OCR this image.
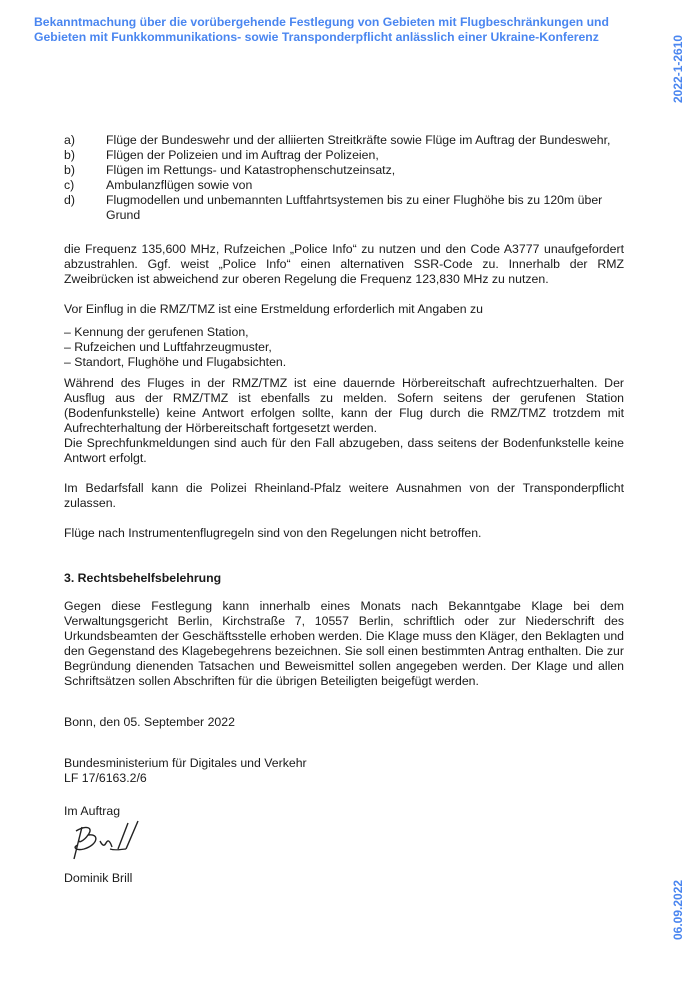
Bekanntmachung über die vorübergehende Festlegung von Gebieten mit Flugbeschränkungen und Gebieten mit Funkkommunikations- sowie Transponderpflicht anlässlich einer Ukraine-Konferenz	2022-1-2610
06.09.2022
a)	Flüge der Bundeswehr und der alliierten Streitkräfte sowie Flüge im Auftrag der Bundeswehr,
b)	Flügen der Polizeien und im Auftrag der Polizeien,
b)	Flügen im Rettungs- und Katastrophenschutzeinsatz,
c)	Ambulanzflügen sowie von
d)	Flugmodellen und unbemannten Luftfahrtsystemen bis zu einer Flughöhe bis zu 120m über Grund

die Frequenz 135,600 MHz, Rufzeichen „Police Info“ zu nutzen und den Code A3777 unaufgefordert abzustrahlen. Ggf. weist „Police Info“ einen alternativen SSR-Code zu. Innerhalb der RMZ Zweibrücken ist abweichend zur oberen Regelung die Frequenz 123,830 MHz zu nutzen.

Vor Einflug in die RMZ/TMZ ist eine Erstmeldung erforderlich mit Angaben zu

– Kennung der gerufenen Station,
– Rufzeichen und Luftfahrzeugmuster,
– Standort, Flughöhe und Flugabsichten.

Während des Fluges in der RMZ/TMZ ist eine dauernde Hörbereitschaft aufrechtzuerhalten. Der Ausflug aus der RMZ/TMZ ist ebenfalls zu melden. Sofern seitens der gerufenen Station (Bodenfunkstelle) keine Antwort erfolgen sollte, kann der Flug durch die RMZ/TMZ trotzdem mit Aufrechterhaltung der Hörbereitschaft fortgesetzt werden.
Die Sprechfunkmeldungen sind auch für den Fall abzugeben, dass seitens der Bodenfunkstelle keine Antwort erfolgt.

Im Bedarfsfall kann die Polizei Rheinland-Pfalz weitere Ausnahmen von der Transponderpflicht zulassen.

Flüge nach Instrumentenflugregeln sind von den Regelungen nicht betroffen.

3. Rechtsbehelfsbelehrung

Gegen diese Festlegung kann innerhalb eines Monats nach Bekanntgabe Klage bei dem Verwaltungsgericht Berlin, Kirchstraße 7, 10557 Berlin, schriftlich oder zur Niederschrift des Urkundsbeamten der Geschäftsstelle erhoben werden. Die Klage muss den Kläger, den Beklagten und den Gegenstand des Klagebegehrens bezeichnen. Sie soll einen bestimmten Antrag enthalten. Die zur Begründung dienenden Tatsachen und Beweismittel sollen angegeben werden. Der Klage und allen Schriftsätzen sollen Abschriften für die übrigen Beteiligten beigefügt werden.

Bonn, den 05. September 2022

Bundesministerium für Digitales und Verkehr
LF 17/6163.2/6

Im Auftrag

Dominik Brill
